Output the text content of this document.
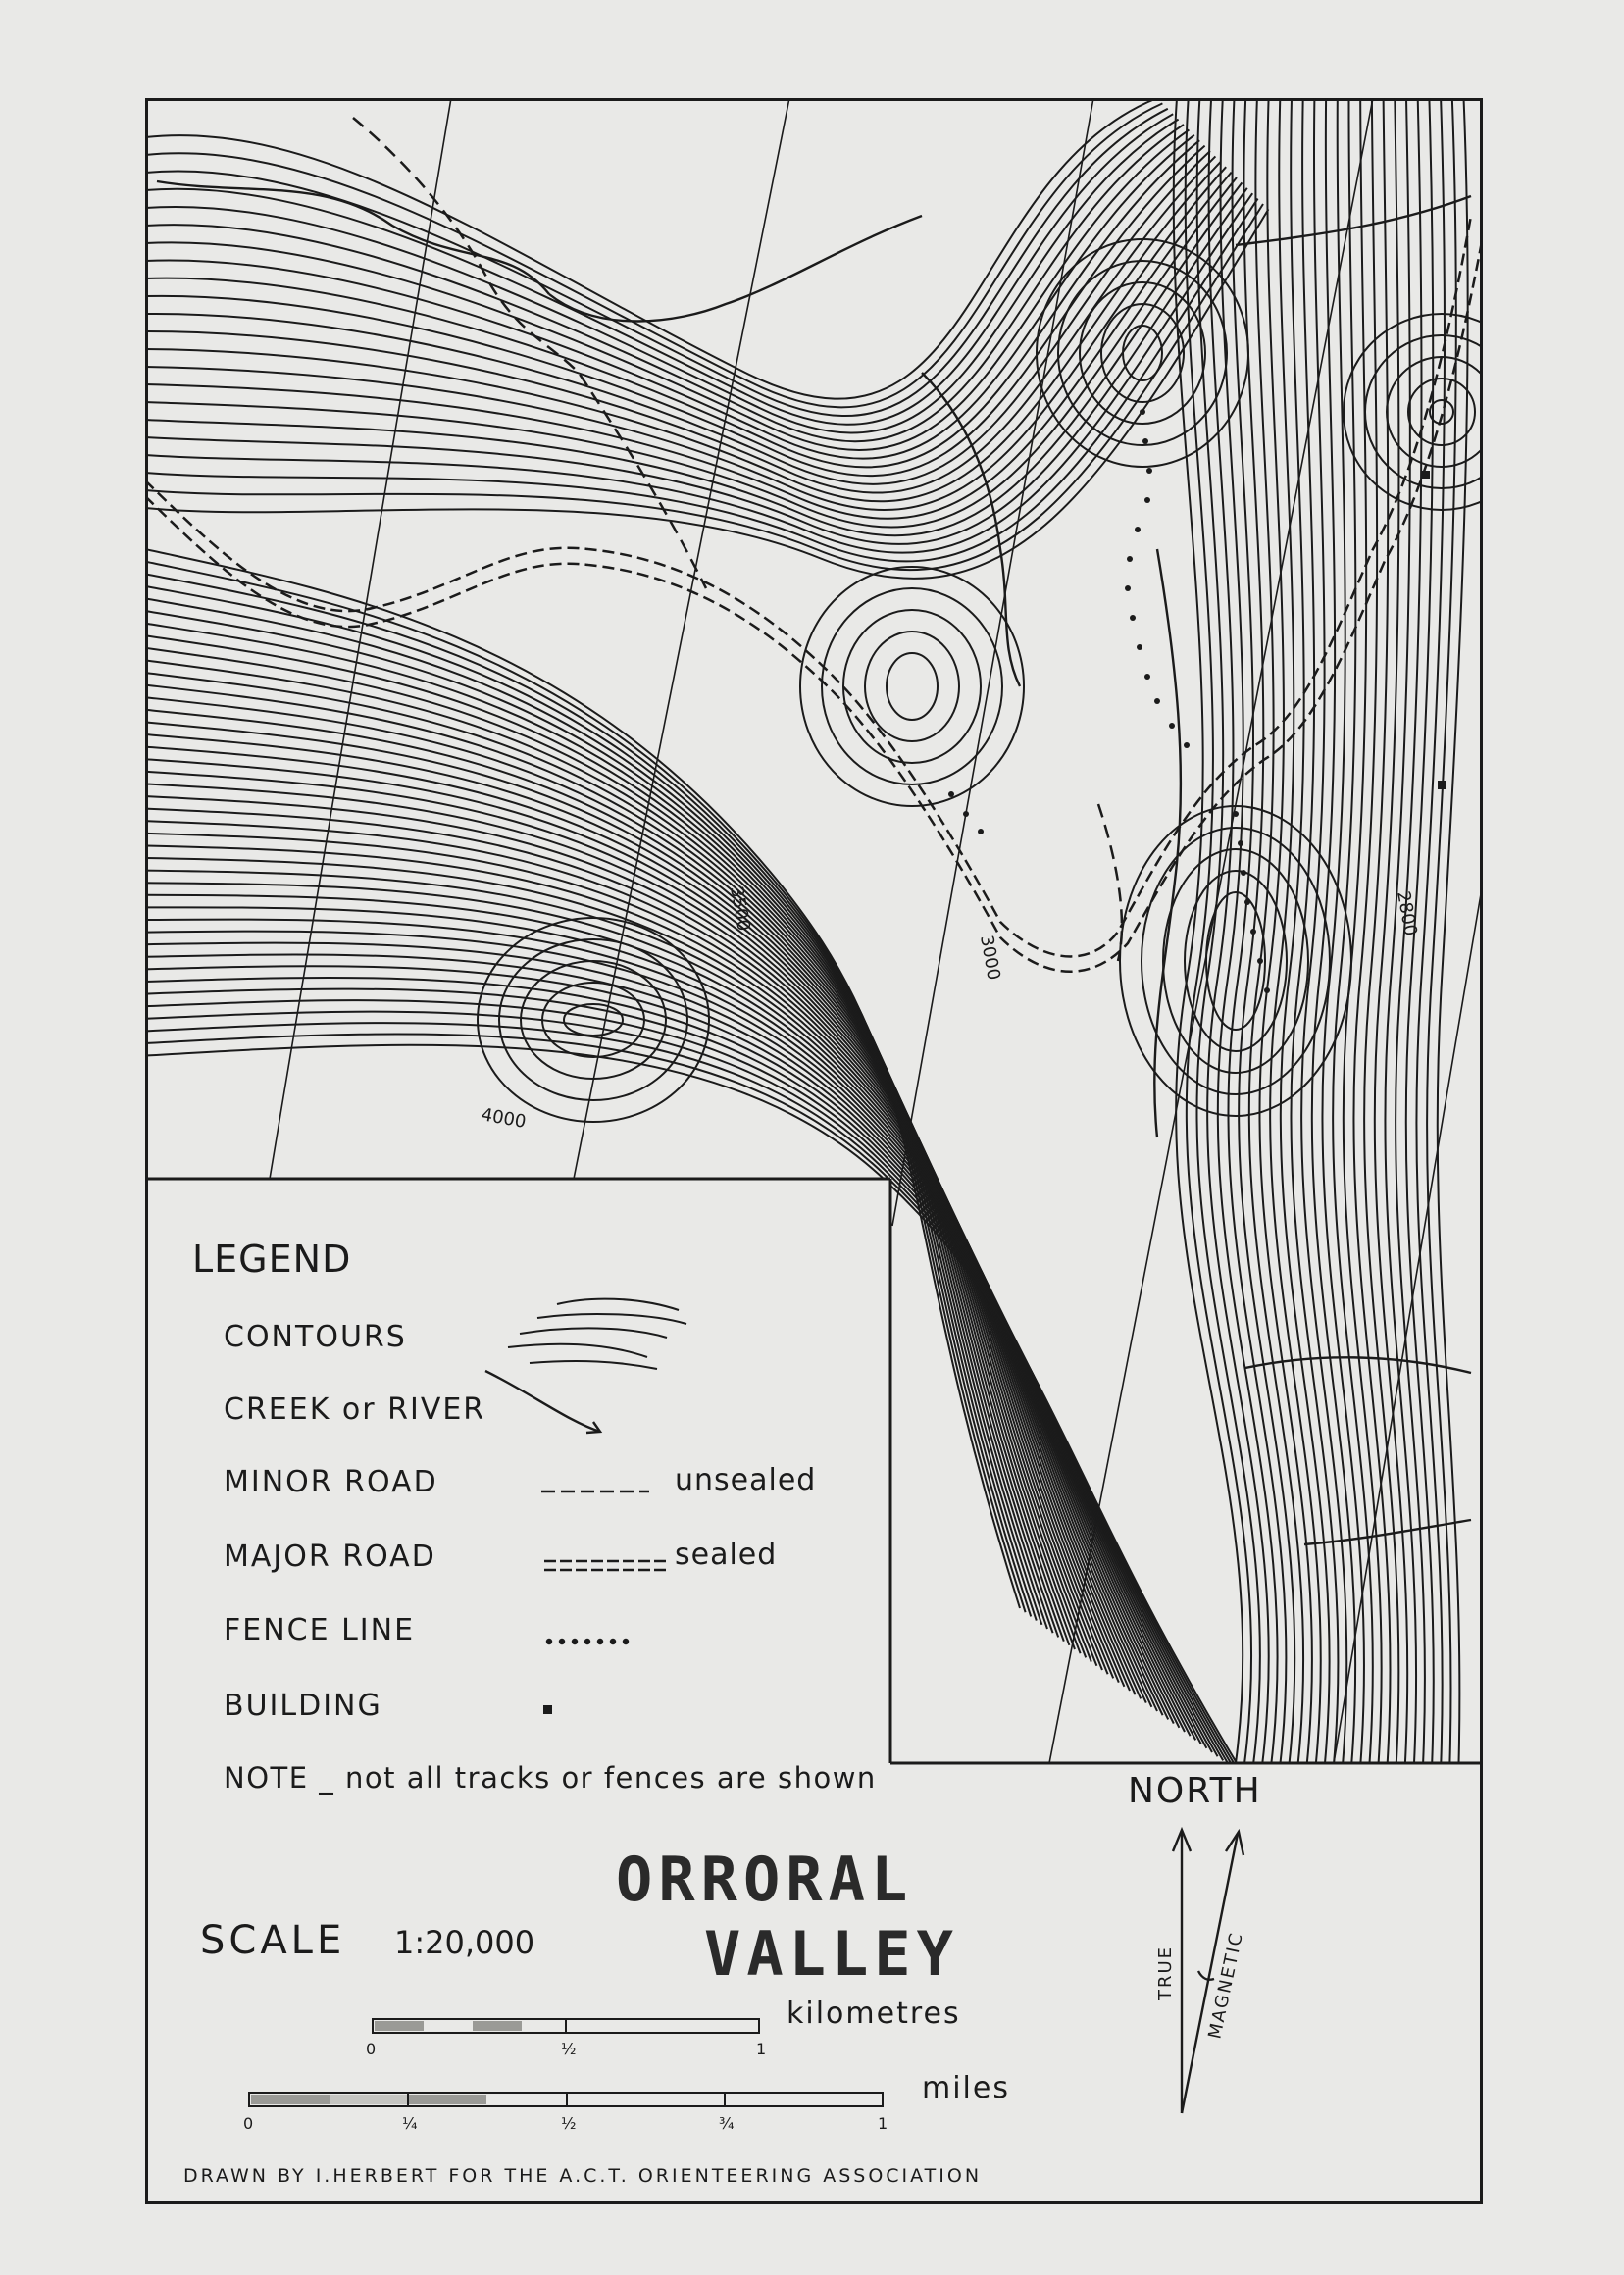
3500
3000
4000
2800
TRUE MAGNETIC
LEGEND
CONTOURS
CREEK or RIVER
MINOR ROAD	unsealed
MAJOR ROAD	sealed
FENCE LINE
BUILDING
NOTE _ not all tracks or fences are shown
ORRORAL
VALLEY
SCALE 1:20,000
kilometres
0	½	1
miles
0	¼	½	¾	1
NORTH
DRAWN BY I.HERBERT FOR THE A.C.T. ORIENTEERING ASSOCIATION
